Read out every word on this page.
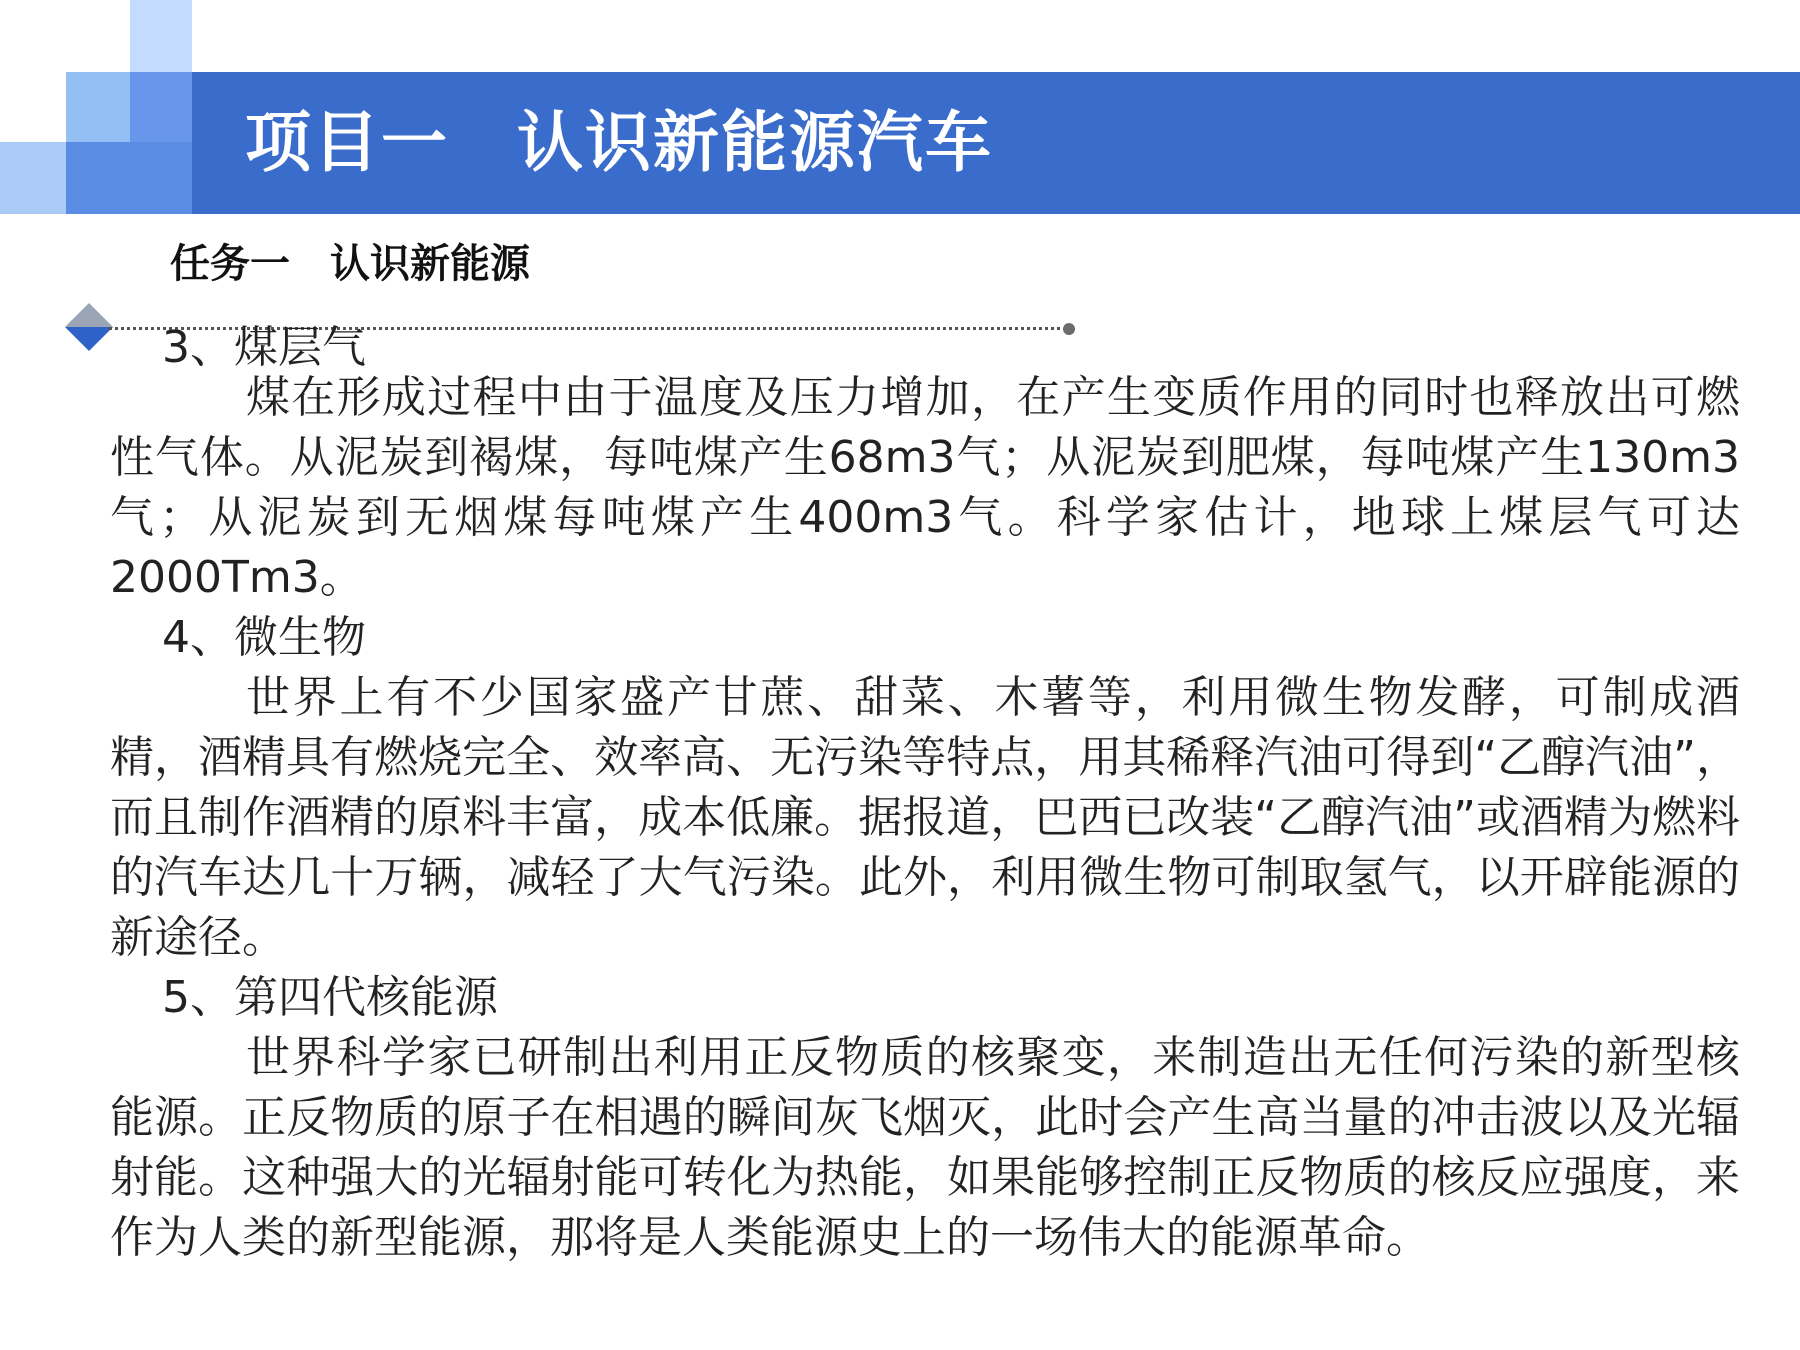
项目一　认识新能源汽车
任务一　认识新能源
3、煤层气

煤在形成过程中由于温度及压力增加，在产生变质作用的同时也释放出可燃性气体。从泥炭到褐煤，每吨煤产生68m3气；从泥炭到肥煤，每吨煤产生130m3气；从泥炭到无烟煤每吨煤产生400m3气。科学家估计，地球上煤层气可达2000Tm3。

4、微生物

世界上有不少国家盛产甘蔗、甜菜、木薯等，利用微生物发酵，可制成酒精，酒精具有燃烧完全、效率高、无污染等特点，用其稀释汽油可得到“乙醇汽油”，而且制作酒精的原料丰富，成本低廉。据报道，巴西已改装“乙醇汽油”或酒精为燃料的汽车达几十万辆，减轻了大气污染。此外，利用微生物可制取氢气，以开辟能源的新途径。

5、第四代核能源

世界科学家已研制出利用正反物质的核聚变，来制造出无任何污染的新型核能源。正反物质的原子在相遇的瞬间灰飞烟灭，此时会产生高当量的冲击波以及光辐射能。这种强大的光辐射能可转化为热能，如果能够控制正反物质的核反应强度，来作为人类的新型能源，那将是人类能源史上的一场伟大的能源革命。
